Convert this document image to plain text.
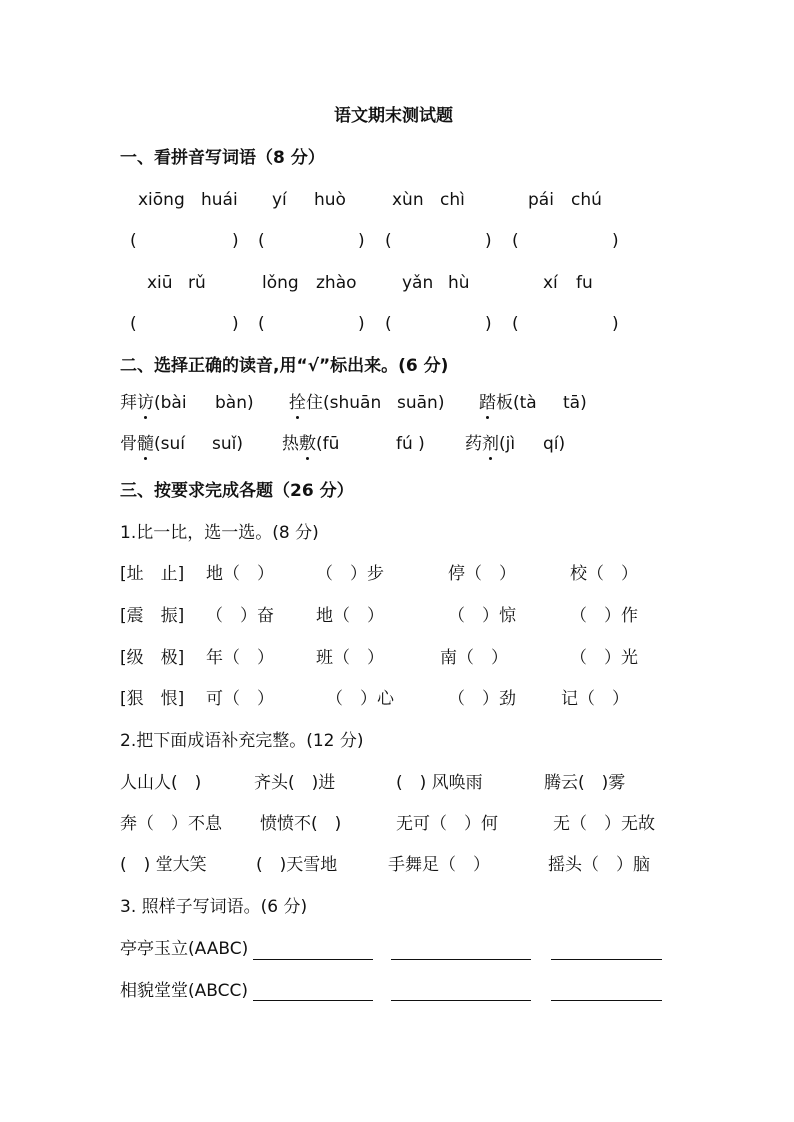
语文期末测试题
一、看拼音写词语（8 分）
xiōng huái yí huò	xùn chì	pái chú
(	) (	) (	) (	)
xiū rǔ	lǒng zhào	yǎn hù	xí fu
(	) (	) (	) (	)
二、选择正确的读音,用“√”标出来。(6 分)
拜访(bài bàn) 拴住(shuān suān) 踏板(tà tā)
骨髓(suí suǐ) 热敷(fū	fú ) 药剂(jì qí)
三、按要求完成各题（26 分）
1.比一比，选一选。(8 分)
[址　止] 地（　） （　）步	停（　）	校（　）
[震　振] （　）奋 地（　）	（　）惊	（　）作
[级　极] 年（　） 班（　）	南（　）	（　）光
[狠　恨] 可（　）	（　）心	（　）劲	记（　）
2.把下面成语补充完整。(12 分)
人山人(　)	齐头(　)进	(　) 风唤雨	腾云(　)雾
奔（　）不息 愤愤不(　)	无可（　）何	无（　）无故
(　) 堂大笑	(　)天雪地	手舞足（　）	摇头（　）脑
3. 照样子写词语。(6 分)
亭亭玉立(AABC)
相貌堂堂(ABCC)
